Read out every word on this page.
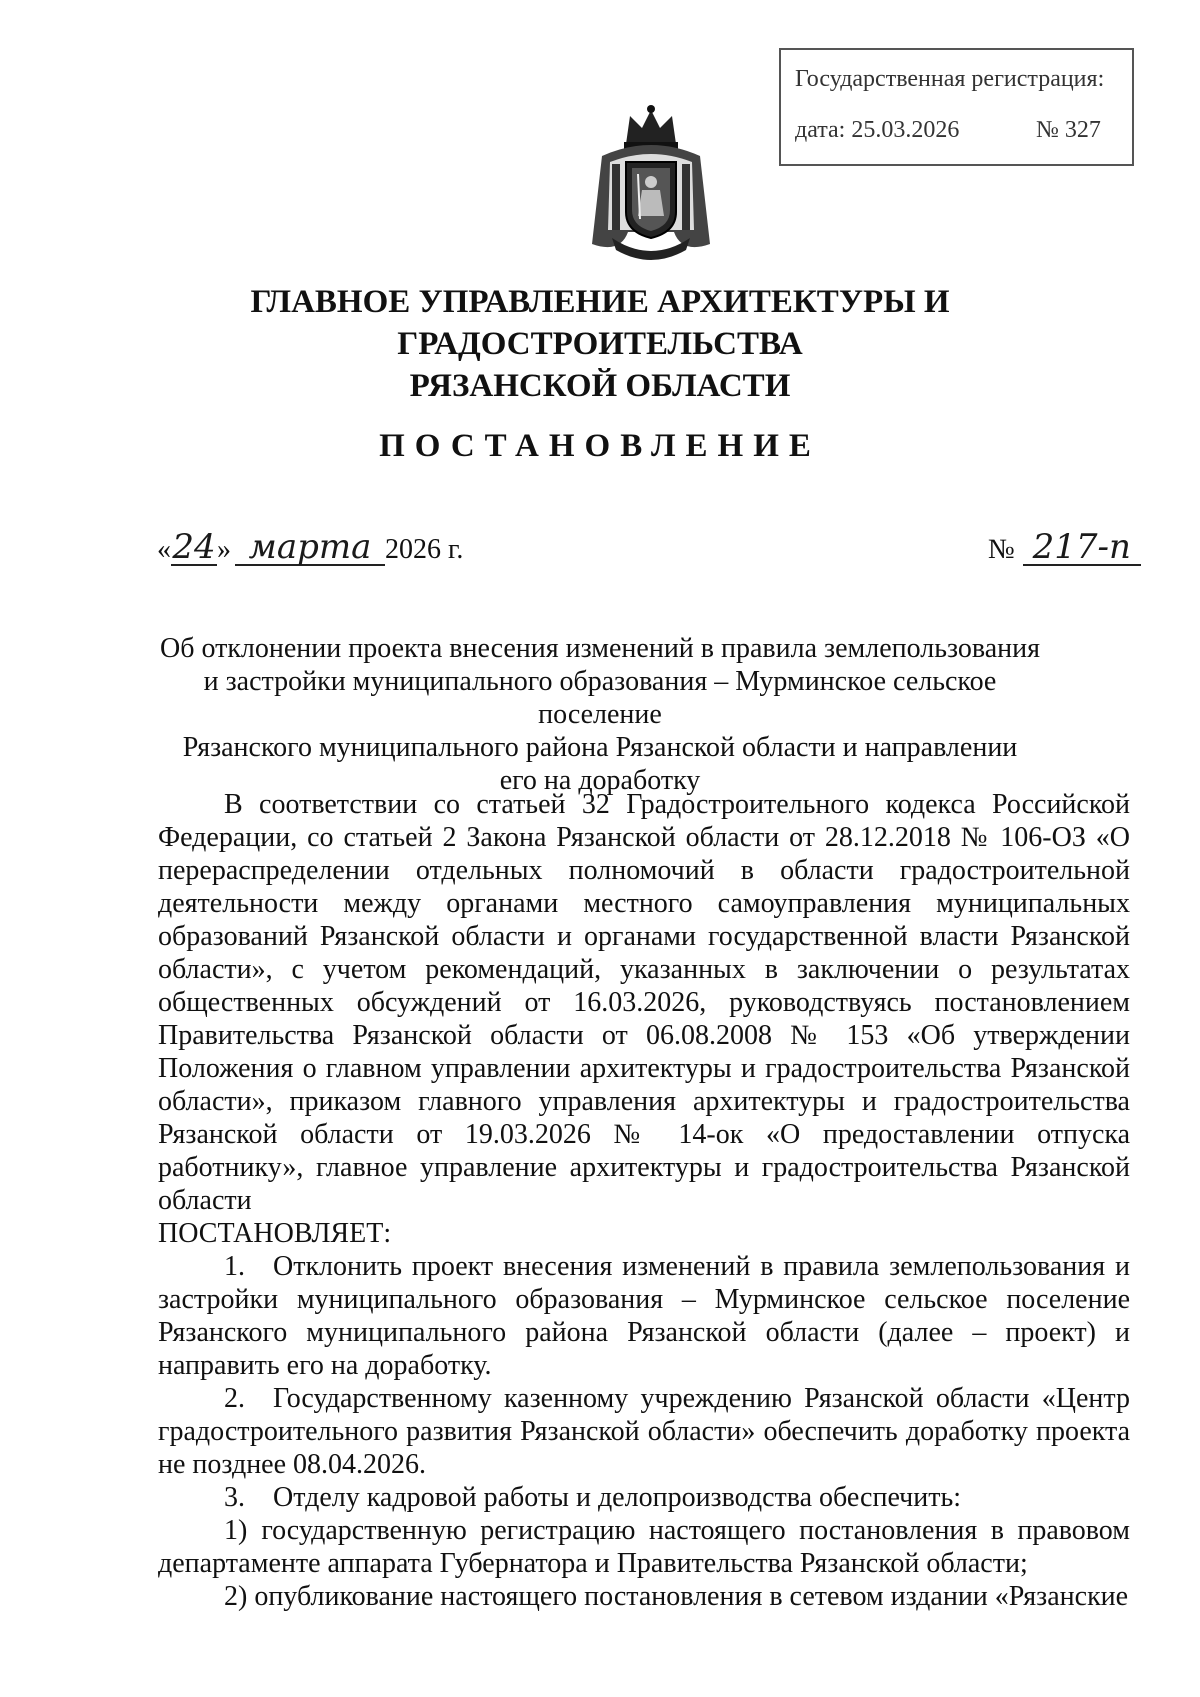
Государственная регистрация:
дата: 25.03.2026	№ 327
ГЛАВНОЕ УПРАВЛЕНИЕ АРХИТЕКТУРЫ И ГРАДОСТРОИТЕЛЬСТВА
РЯЗАНСКОЙ ОБЛАСТИ
ПОСТАНОВЛЕНИЕ
«24» марта 2026 г.	№ 217-п
Об отклонении проекта внесения изменений в правила землепользования
и застройки муниципального образования – Мурминское сельское поселение
Рязанского муниципального района Рязанской области и направлении
его на доработку

В соответствии со статьей 32 Градостроительного кодекса Российской Федерации, со статьей 2 Закона Рязанской области от 28.12.2018 № 106-ОЗ «О перераспределении отдельных полномочий в области градостроительной деятельности между органами местного самоуправления муниципальных образований Рязанской области и органами государственной власти Рязанской области», с учетом рекомендаций, указанных в заключении о результатах общественных обсуждений от 16.03.2026, руководствуясь постановлением Правительства Рязанской области от 06.08.2008 № 153 «Об утверждении Положения о главном управлении архитектуры и градостроительства Рязанской области», приказом главного управления архитектуры и градостроительства Рязанской области от 19.03.2026 № 14-ок «О предоставлении отпуска работнику», главное управление архитектуры и градостроительства Рязанской области

ПОСТАНОВЛЯЕТ:

1. Отклонить проект внесения изменений в правила землепользования и застройки муниципального образования – Мурминское сельское поселение Рязанского муниципального района Рязанской области (далее – проект) и направить его на доработку.

2. Государственному казенному учреждению Рязанской области «Центр градостроительного развития Рязанской области» обеспечить доработку проекта не позднее 08.04.2026.

3. Отделу кадровой работы и делопроизводства обеспечить:

1) государственную регистрацию настоящего постановления в правовом департаменте аппарата Губернатора и Правительства Рязанской области;

2) опубликование настоящего постановления в сетевом издании «Рязанские
